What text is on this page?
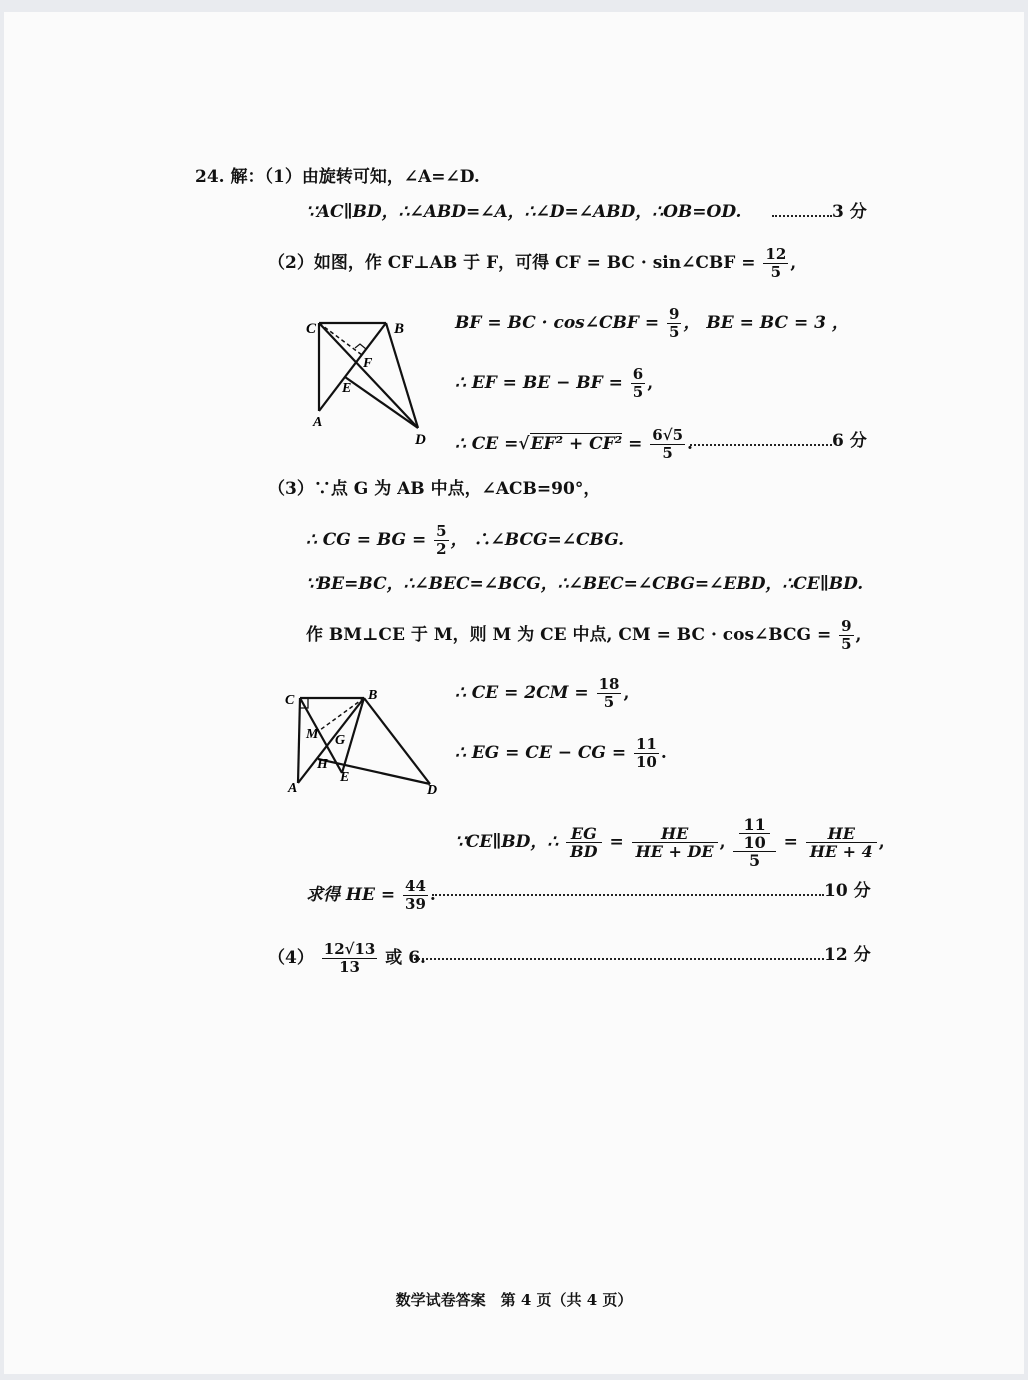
24. 解：（1）由旋转可知，∠A=∠D.
∵AC∥BD，∴∠ABD=∠A，∴∠D=∠ABD，∴OB=OD.	3 分
（2）如图，作 CF⊥AB 于 F，可得 CF = BC · sin∠CBF = $\frac{12}{5}$ ,
C	B
F
E
A
D
BF = BC · cos∠CBF = $\frac{9}{5}$ ， BE = BC = 3 ，
∴ EF = BE − BF = $\frac{6}{5}$ ,
∴ CE $=√EF^2 + CF^2 = \frac{6√5}{5}$ .	6 分
（3）∵点 G 为 AB 中点，∠ACB=90°，
∴ CG = BG = $\frac{5}{2}$ ， ∴∠BCG=∠CBG.
∵BE=BC，∴∠BEC=∠BCG，∴∠BEC=∠CBG=∠EBD，∴CE∥BD.
作 BM⊥CE 于 M，则 M 为 CE 中点, CM = BC · cos∠BCG = $\frac{9}{5}$ ,
C	B
M G
H
E
A	D
∴ CE = $2CM = \frac{18}{5}$ ,
∴ EG = CE − CG = $\frac{11}{10}$ .
∵CE∥BD，∴ $\frac{EG}{BD} = \frac{HE}{HE + DE}$ , $\frac{\frac{11}{10}}{5} = \frac{HE}{HE + 4}$ ,
求得 HE = $\frac{44}{39}$ .	10 分
$(4) \frac{12√13}{13}$ 或 6.	12 分
数学试卷答案　第 4 页（共 4 页）
